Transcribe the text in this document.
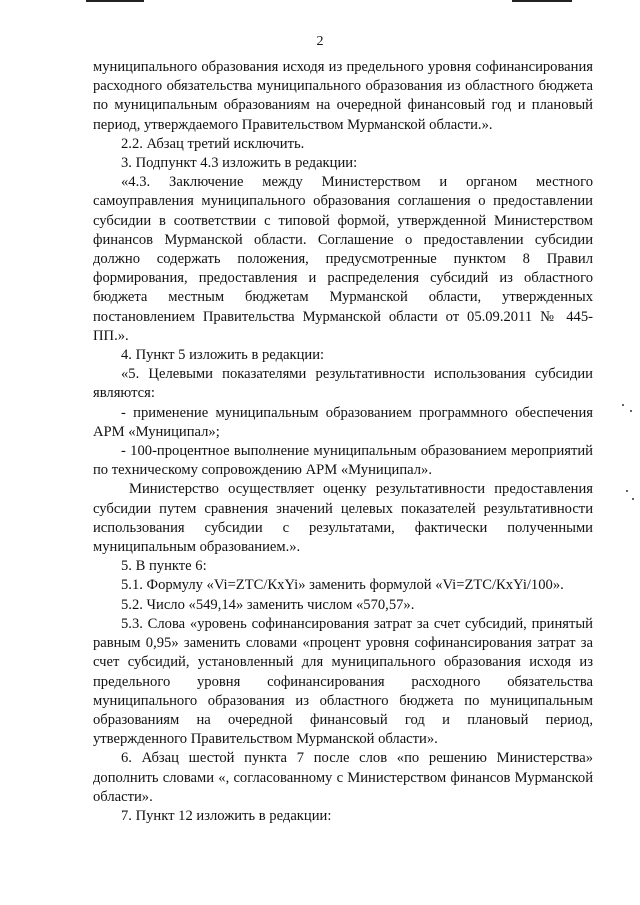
2

муниципального образования исходя из предельного уровня софинансирования расходного обязательства муниципального образования из областного бюджета по муниципальным образованиям на очередной финансовый год и плановый период, утверждаемого Правительством Мурманской области.».

2.2. Абзац третий исключить.

3. Подпункт 4.3 изложить в редакции:

«4.3. Заключение между Министерством и органом местного самоуправления муниципального образования соглашения о предоставлении субсидии в соответствии с типовой формой, утвержденной Министерством финансов Мурманской области. Соглашение о предоставлении субсидии должно содержать положения, предусмотренные пунктом 8 Правил формирования, предоставления и распределения субсидий из областного бюджета местным бюджетам Мурманской области, утвержденных постановлением Правительства Мурманской области от 05.09.2011 № 445-ПП.».

4. Пункт 5 изложить в редакции:

«5. Целевыми показателями результативности использования субсидии являются:

- применение муниципальным образованием программного обеспечения АРМ «Муниципал»;

- 100-процентное выполнение муниципальным образованием мероприятий по техническому сопровождению АРМ «Муниципал».

Министерство осуществляет оценку результативности предоставления субсидии путем сравнения значений целевых показателей результативности использования субсидии с результатами, фактически полученными муниципальным образованием.».

5. В пункте 6:

5.1. Формулу «Vi=ZТС/КхYi» заменить формулой «Vi=ZТС/КхYi/100».

5.2. Число «549,14» заменить числом «570,57».

5.3. Слова «уровень софинансирования затрат за счет субсидий, принятый равным 0,95» заменить словами «процент уровня софинансирования затрат за счет субсидий, установленный для муниципального образования исходя из предельного уровня софинансирования расходного обязательства муниципального образования из областного бюджета по муниципальным образованиям на очередной финансовый год и плановый период, утвержденного Правительством Мурманской области».

6. Абзац шестой пункта 7 после слов «по решению Министерства» дополнить словами «, согласованному с Министерством финансов Мурманской области».

7. Пункт 12 изложить в редакции:
